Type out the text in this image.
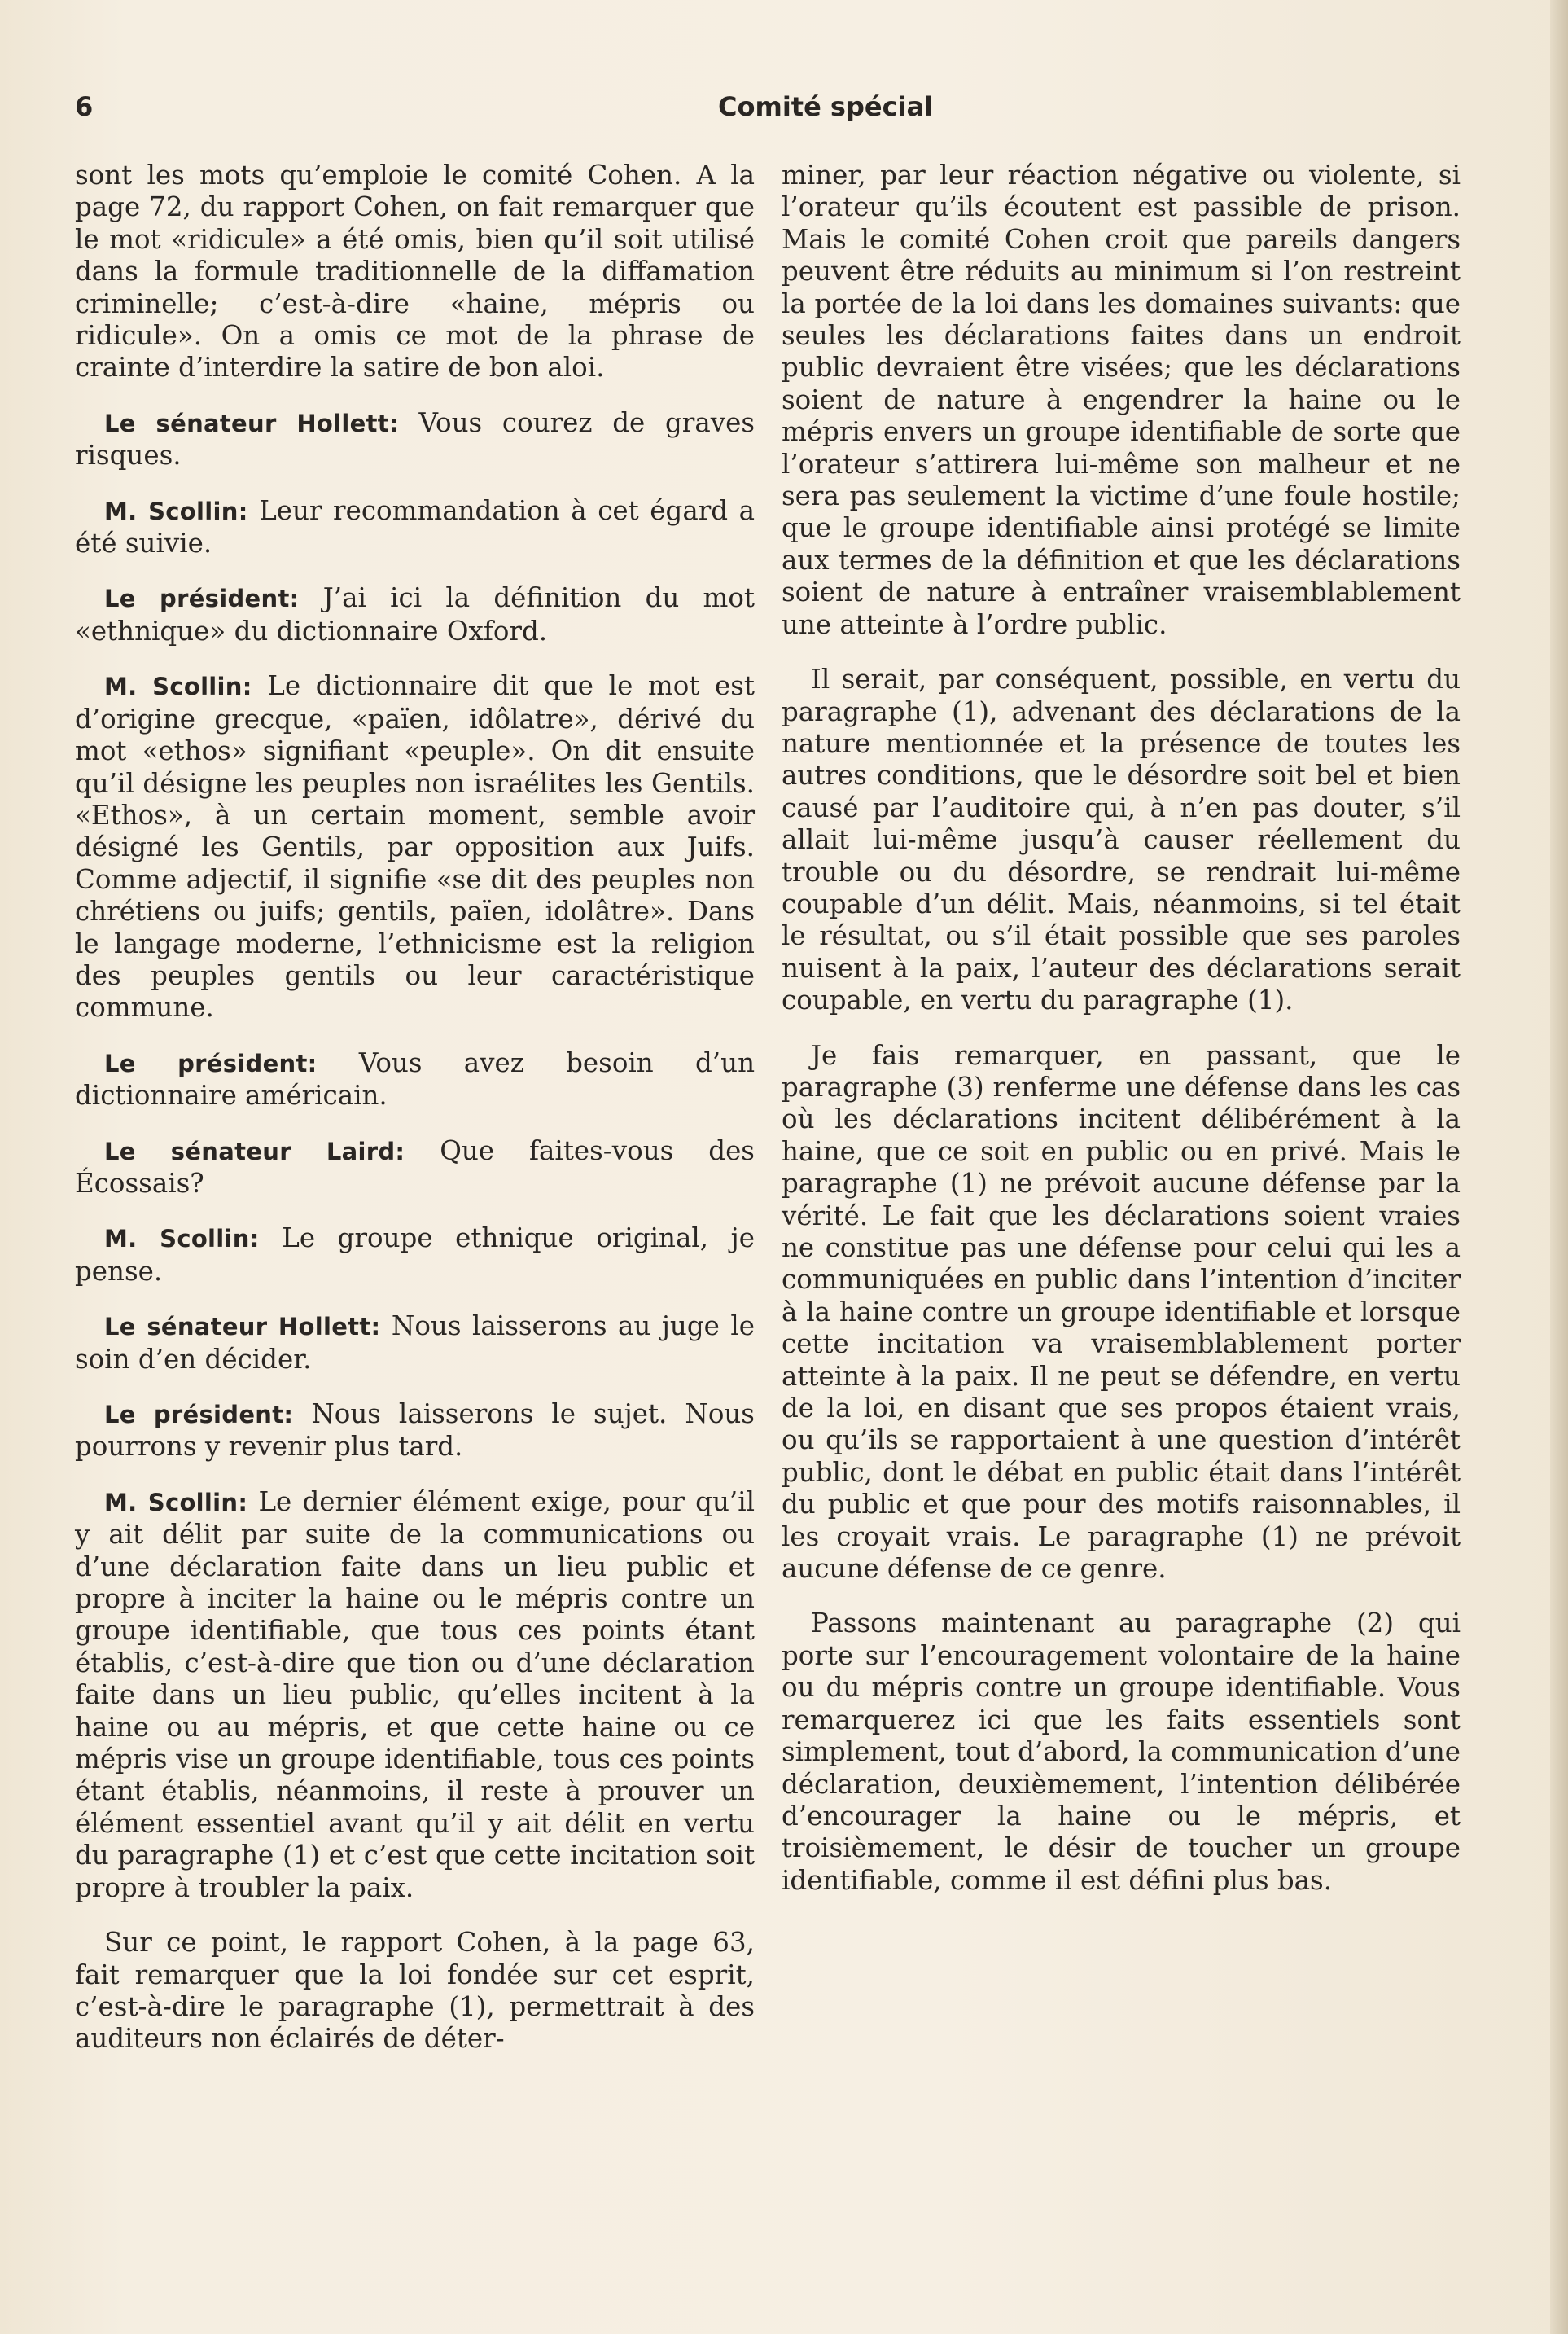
6	Comité spécial

sont les mots qu’emploie le comité Cohen. A la page 72, du rapport Cohen, on fait remarquer que le mot «ridicule» a été omis, bien qu’il soit utilisé dans la formule traditionnelle de la diffamation criminelle; c’est-à-dire «haine, mépris ou ridicule». On a omis ce mot de la phrase de crainte d’interdire la satire de bon aloi.

Le sénateur Hollett: Vous courez de graves risques.

M. Scollin: Leur recommandation à cet égard a été suivie.

Le président: J’ai ici la définition du mot «ethnique» du dictionnaire Oxford.

M. Scollin: Le dictionnaire dit que le mot est d’origine grecque, «païen, idôlatre», dérivé du mot «ethos» signifiant «peuple». On dit ensuite qu’il désigne les peuples non israélites les Gentils. «Ethos», à un certain moment, semble avoir désigné les Gentils, par opposition aux Juifs. Comme adjectif, il signifie «se dit des peuples non chrétiens ou juifs; gentils, païen, idolâtre». Dans le langage moderne, l’ethnicisme est la religion des peuples gentils ou leur caractéristique commune.

Le président: Vous avez besoin d’un dictionnaire américain.

Le sénateur Laird: Que faites-vous des Écossais?

M. Scollin: Le groupe ethnique original, je pense.

Le sénateur Hollett: Nous laisserons au juge le soin d’en décider.

Le président: Nous laisserons le sujet. Nous pourrons y revenir plus tard.

M. Scollin: Le dernier élément exige, pour qu’il y ait délit par suite de la communications ou d’une déclaration faite dans un lieu public et propre à inciter la haine ou le mépris contre un groupe identifiable, que tous ces points étant établis, c’est-à-dire que tion ou d’une déclaration faite dans un lieu public, qu’elles incitent à la haine ou au mépris, et que cette haine ou ce mépris vise un groupe identifiable, tous ces points étant établis, néanmoins, il reste à prouver un élément essentiel avant qu’il y ait délit en vertu du paragraphe (1) et c’est que cette incitation soit propre à troubler la paix.

Sur ce point, le rapport Cohen, à la page 63, fait remarquer que la loi fondée sur cet esprit, c’est-à-dire le paragraphe (1), permettrait à des auditeurs non éclairés de déter-

miner, par leur réaction négative ou violente, si l’orateur qu’ils écoutent est passible de prison. Mais le comité Cohen croit que pareils dangers peuvent être réduits au minimum si l’on restreint la portée de la loi dans les domaines suivants: que seules les déclarations faites dans un endroit public devraient être visées; que les déclarations soient de nature à engendrer la haine ou le mépris envers un groupe identifiable de sorte que l’orateur s’attirera lui-même son malheur et ne sera pas seulement la victime d’une foule hostile; que le groupe identifiable ainsi protégé se limite aux termes de la définition et que les déclarations soient de nature à entraîner vraisemblablement une atteinte à l’ordre public.

Il serait, par conséquent, possible, en vertu du paragraphe (1), advenant des déclarations de la nature mentionnée et la présence de toutes les autres conditions, que le désordre soit bel et bien causé par l’auditoire qui, à n’en pas douter, s’il allait lui-même jusqu’à causer réellement du trouble ou du désordre, se rendrait lui-même coupable d’un délit. Mais, néanmoins, si tel était le résultat, ou s’il était possible que ses paroles nuisent à la paix, l’auteur des déclarations serait coupable, en vertu du paragraphe (1).

Je fais remarquer, en passant, que le paragraphe (3) renferme une défense dans les cas où les déclarations incitent délibérément à la haine, que ce soit en public ou en privé. Mais le paragraphe (1) ne prévoit aucune défense par la vérité. Le fait que les déclarations soient vraies ne constitue pas une défense pour celui qui les a communiquées en public dans l’intention d’inciter à la haine contre un groupe identifiable et lorsque cette incitation va vraisemblablement porter atteinte à la paix. Il ne peut se défendre, en vertu de la loi, en disant que ses propos étaient vrais, ou qu’ils se rapportaient à une question d’intérêt public, dont le débat en public était dans l’intérêt du public et que pour des motifs raisonnables, il les croyait vrais. Le paragraphe (1) ne prévoit aucune défense de ce genre.

Passons maintenant au paragraphe (2) qui porte sur l’encouragement volontaire de la haine ou du mépris contre un groupe identifiable. Vous remarquerez ici que les faits essentiels sont simplement, tout d’abord, la communication d’une déclaration, deuxièmement, l’intention délibérée d’encourager la haine ou le mépris, et troisièmement, le désir de toucher un groupe identifiable, comme il est défini plus bas.
